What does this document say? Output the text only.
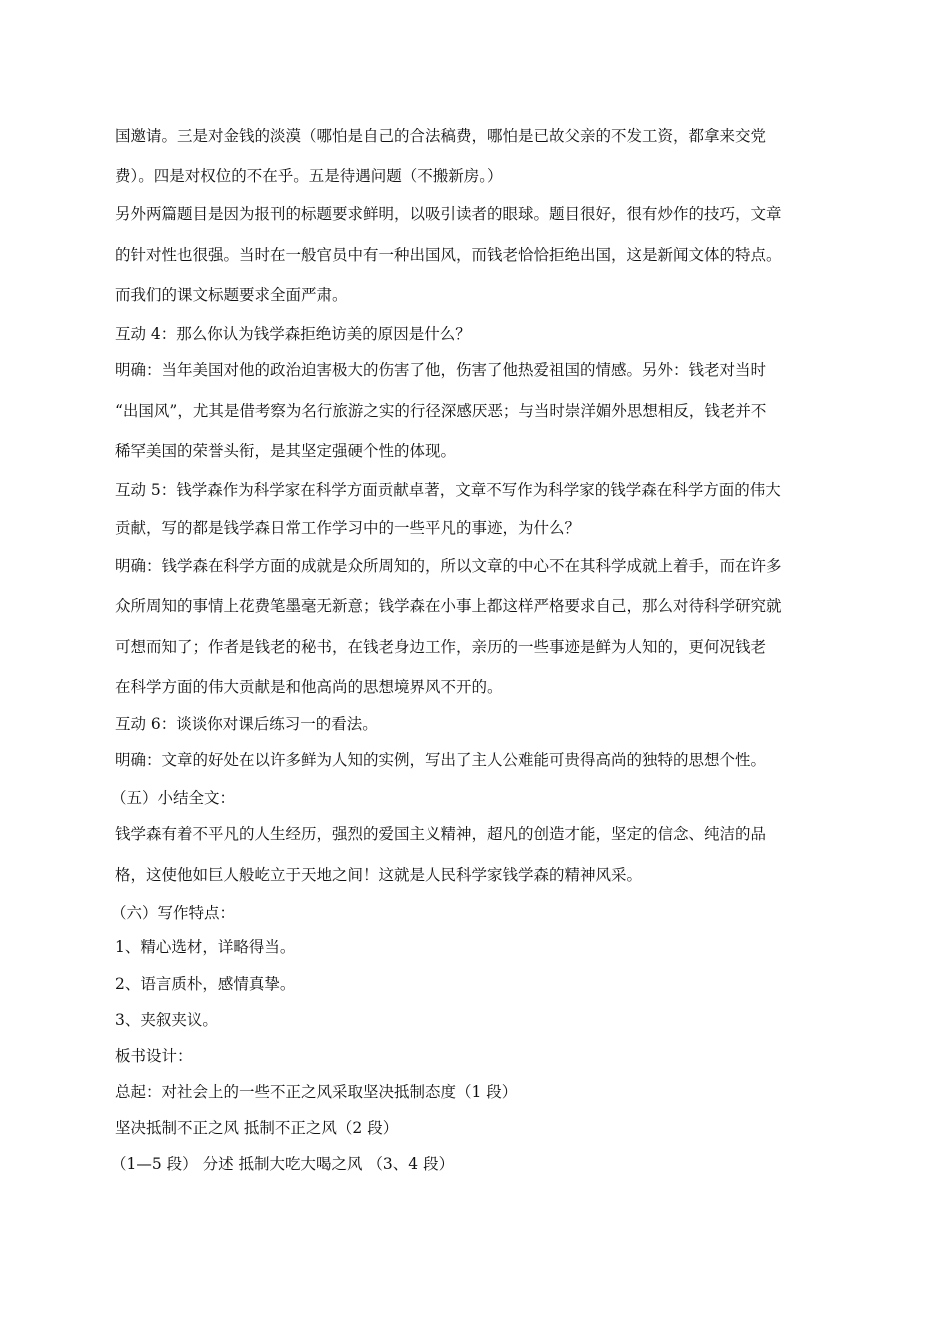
国邀请。三是对金钱的淡漠（哪怕是自己的合法稿费，哪怕是已故父亲的不发工资，都拿来交党
费）。四是对权位的不在乎。五是待遇问题（不搬新房。）
另外两篇题目是因为报刊的标题要求鲜明，以吸引读者的眼球。题目很好，很有炒作的技巧，文章
的针对性也很强。当时在一般官员中有一种出国风，而钱老恰恰拒绝出国，这是新闻文体的特点。
而我们的课文标题要求全面严肃。
互动 4：那么你认为钱学森拒绝访美的原因是什么？
明确：当年美国对他的政治迫害极大的伤害了他，伤害了他热爱祖国的情感。另外：钱老对当时
“出国风”，尤其是借考察为名行旅游之实的行径深感厌恶；与当时崇洋媚外思想相反，钱老并不
稀罕美国的荣誉头衔，是其坚定强硬个性的体现。
互动 5：钱学森作为科学家在科学方面贡献卓著，文章不写作为科学家的钱学森在科学方面的伟大
贡献，写的都是钱学森日常工作学习中的一些平凡的事迹，为什么？
明确：钱学森在科学方面的成就是众所周知的，所以文章的中心不在其科学成就上着手，而在许多
众所周知的事情上花费笔墨毫无新意；钱学森在小事上都这样严格要求自己，那么对待科学研究就
可想而知了；作者是钱老的秘书，在钱老身边工作，亲历的一些事迹是鲜为人知的，更何况钱老
在科学方面的伟大贡献是和他高尚的思想境界风不开的。
互动 6：谈谈你对课后练习一的看法。
明确：文章的好处在以许多鲜为人知的实例，写出了主人公难能可贵得高尚的独特的思想个性。
（五）小结全文：
钱学森有着不平凡的人生经历，强烈的爱国主义精神，超凡的创造才能，坚定的信念、纯洁的品
格，这使他如巨人般屹立于天地之间！这就是人民科学家钱学森的精神风采。
（六）写作特点：
1、精心选材，详略得当。
2、语言质朴，感情真挚。
3、夹叙夹议。
板书设计：
总起：对社会上的一些不正之风采取坚决抵制态度（1 段）
坚决抵制不正之风 抵制不正之风（2 段）
（1—5 段） 分述 抵制大吃大喝之风 （3、4 段）
